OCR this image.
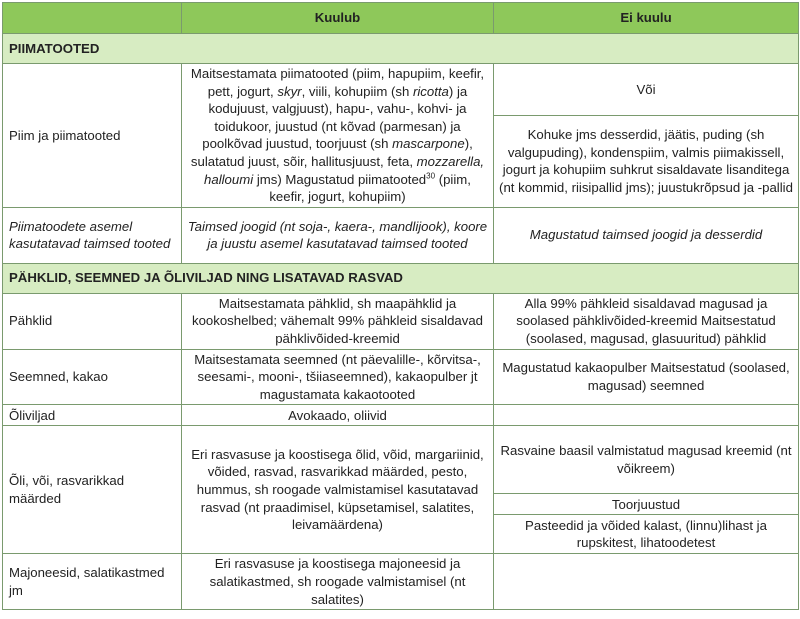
	Kuulub	Ei kuulu
PIIMATOOTED		
Piim ja piimatooted	Maitsestamata piimatooted (piim, hapupiim, keefir, pett, jogurt, skyr, viili, kohupiim (sh ricotta) ja kodujuust, valgjuust), hapu-, vahu-, kohvi- ja toidukoor, juustud (nt kõvad (parmesan) ja poolkõvad juustud, toorjuust (sh mascarpone), sulatatud juust, sõir, hallitusjuust, feta, mozzarella, halloumi jms) Magustatud piimatooted$^{30}$ (piim, keefir, jogurt, kohupiim)	Või
		Kohuke jms desserdid, jäätis, puding (sh valgupuding), kondenspiim, valmis piimakissell, jogurt ja kohupiim suhkrut sisaldavate lisanditega (nt kommid, riisipallid jms); juustukrõpsud ja -pallid
Piimatoodete asemel kasutatavad taimsed tooted	Taimsed joogid (nt soja-, kaera-, mandlijook), koore ja juustu asemel kasutatavad taimsed tooted	Magustatud taimsed joogid ja desserdid
PÄHKLID, SEEMNED JA ÕLIVILJAD NING LISATAVAD RASVAD		
Pähklid	Maitsestamata pähklid, sh maapähklid ja kookoshelbed; vähemalt 99% pähkleid sisaldavad pähklivõided-kreemid	Alla 99% pähkleid sisaldavad magusad ja soolased pähklivõided-kreemid Maitsestatud (soolased, magusad, glasuuritud) pähklid
Seemned, kakao	Maitsestamata seemned (nt päevalille-, kõrvitsa-, seesami-, mooni-, tšiiaseemned), kakaopulber jt magustamata kakaotooted	Magustatud kakaopulber Maitsestatud (soolased, magusad) seemned
Õliviljad	Avokaado, oliivid	
Õli, või, rasvarikkad määrded	Eri rasvasuse ja koostisega õlid, võid, margariinid, võided, rasvad, rasvarikkad määrded, pesto, hummus, sh roogade valmistamisel kasutatavad rasvad (nt praadimisel, küpsetamisel, salatites, leivamäärdena)	Rasvaine baasil valmistatud magusad kreemid (nt võikreem)
		Toorjuustud
		Pasteedid ja võided kalast, (linnu)lihast ja rupskitest, lihatoodetest
Majoneesid, salatikastmed jm	Eri rasvasuse ja koostisega majoneesid ja salatikastmed, sh roogade valmistamisel (nt salatites)	
